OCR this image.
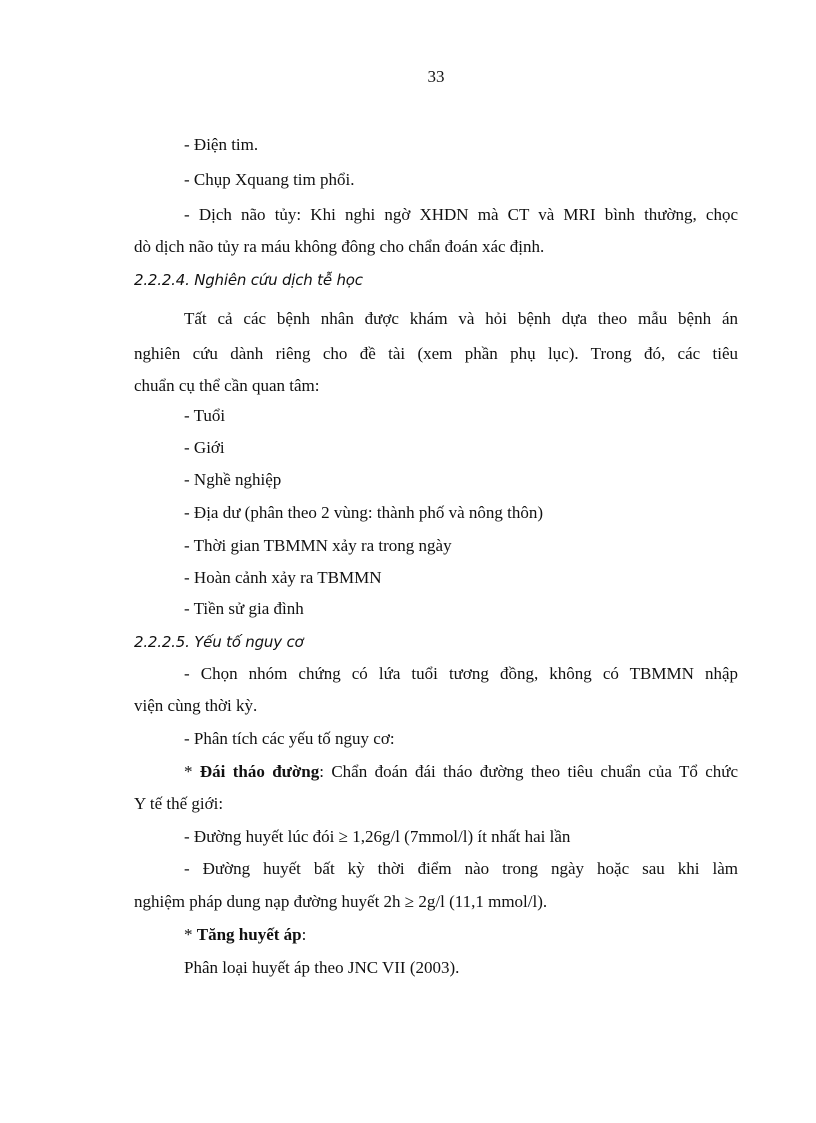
33
- Điện tim.
- Chụp Xquang tim phổi.
- Dịch não tủy: Khi nghi ngờ XHDN mà CT và MRI bình thường, chọc
dò dịch não tủy ra máu không đông cho chẩn đoán xác định.
2.2.2.4. Nghiên cứu dịch tễ học
Tất cả các bệnh nhân được khám và hỏi bệnh dựa theo mẫu bệnh án
nghiên cứu dành riêng cho đề tài (xem phần phụ lục). Trong đó, các tiêu
chuẩn cụ thể cần quan tâm:
- Tuổi
- Giới
- Nghề nghiệp
- Địa dư (phân theo 2 vùng: thành phố và nông thôn)
- Thời gian TBMMN xảy ra trong ngày
- Hoàn cảnh xảy ra TBMMN
- Tiền sử gia đình
2.2.2.5. Yếu tố nguy cơ
- Chọn nhóm chứng có lứa tuổi tương đồng, không có TBMMN nhập
viện cùng thời kỳ.
- Phân tích các yếu tố nguy cơ:
* Đái tháo đường: Chẩn đoán đái tháo đường theo tiêu chuẩn của Tổ chức
Y tế thế giới:
- Đường huyết lúc đói ≥ 1,26g/l (7mmol/l) ít nhất hai lần
- Đường huyết bất kỳ thời điểm nào trong ngày hoặc sau khi làm
nghiệm pháp dung nạp đường huyết 2h ≥ 2g/l (11,1 mmol/l).
* Tăng huyết áp:
Phân loại huyết áp theo JNC VII (2003).
